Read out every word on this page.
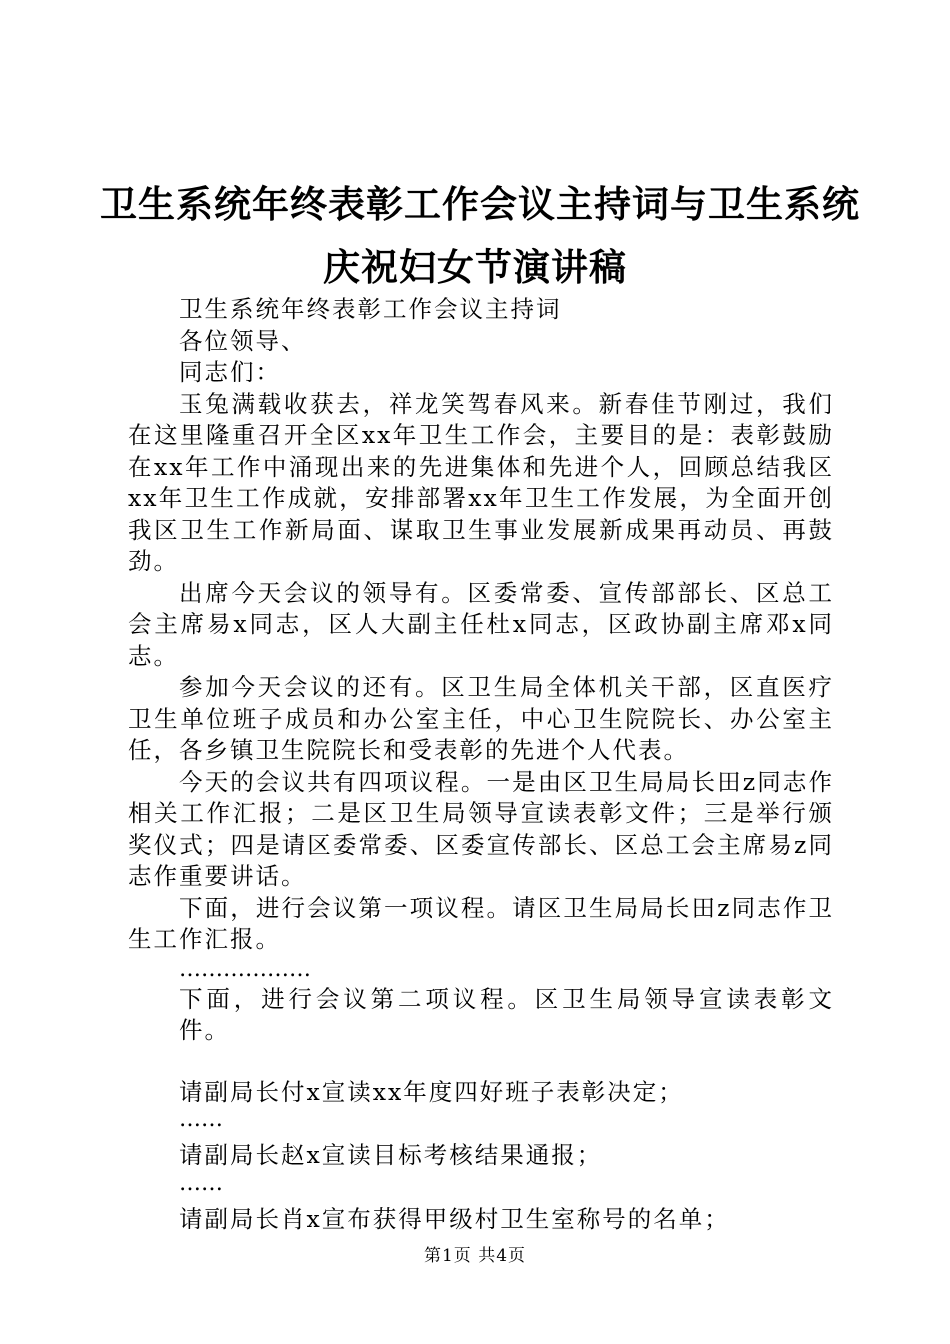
卫生系统年终表彰工作会议主持词与卫生系统
庆祝妇女节演讲稿

卫生系统年终表彰工作会议主持词

各位领导、

同志们：

玉兔满载收获去，祥龙笑驾春风来。新春佳节刚过，我们在这里隆重召开全区xx年卫生工作会，主要目的是：表彰鼓励在xx年工作中涌现出来的先进集体和先进个人，回顾总结我区xx年卫生工作成就，安排部署xx年卫生工作发展，为全面开创我区卫生工作新局面、谋取卫生事业发展新成果再动员、再鼓劲。

出席今天会议的领导有。区委常委、宣传部部长、区总工会主席易x同志，区人大副主任杜x同志，区政协副主席邓x同志。

参加今天会议的还有。区卫生局全体机关干部，区直医疗卫生单位班子成员和办公室主任，中心卫生院院长、办公室主任，各乡镇卫生院院长和受表彰的先进个人代表。

今天的会议共有四项议程。一是由区卫生局局长田z同志作相关工作汇报；二是区卫生局领导宣读表彰文件；三是举行颁奖仪式；四是请区委常委、区委宣传部长、区总工会主席易z同志作重要讲话。

下面，进行会议第一项议程。请区卫生局局长田z同志作卫生工作汇报。

………………

下面，进行会议第二项议程。区卫生局领导宣读表彰文件。

请副局长付x宣读xx年度四好班子表彰决定；

……

请副局长赵x宣读目标考核结果通报；

……

请副局长肖x宣布获得甲级村卫生室称号的名单；

第1页 共4页
